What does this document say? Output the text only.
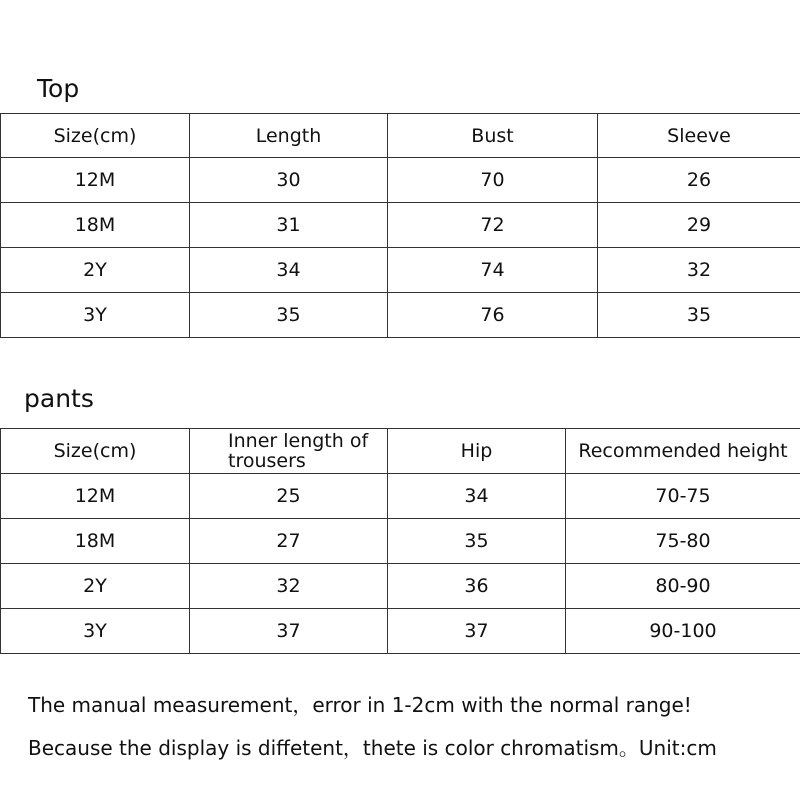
Top
Size(cm)	Length	Bust	Sleeve
12M	30	70	26
18M	31	72	29
2Y	34	74	32
3Y	35	76	35
pants
Size(cm)	Inner length of trousers	Hip	Recommended height
12M	25	34	70-75
18M	27	35	75-80
2Y	32	36	80-90
3Y	37	37	90-100

The manual measurement，error in 1-2cm with the normal range!

Because the display is diffetent，thete is color chromatism。Unit:cm
